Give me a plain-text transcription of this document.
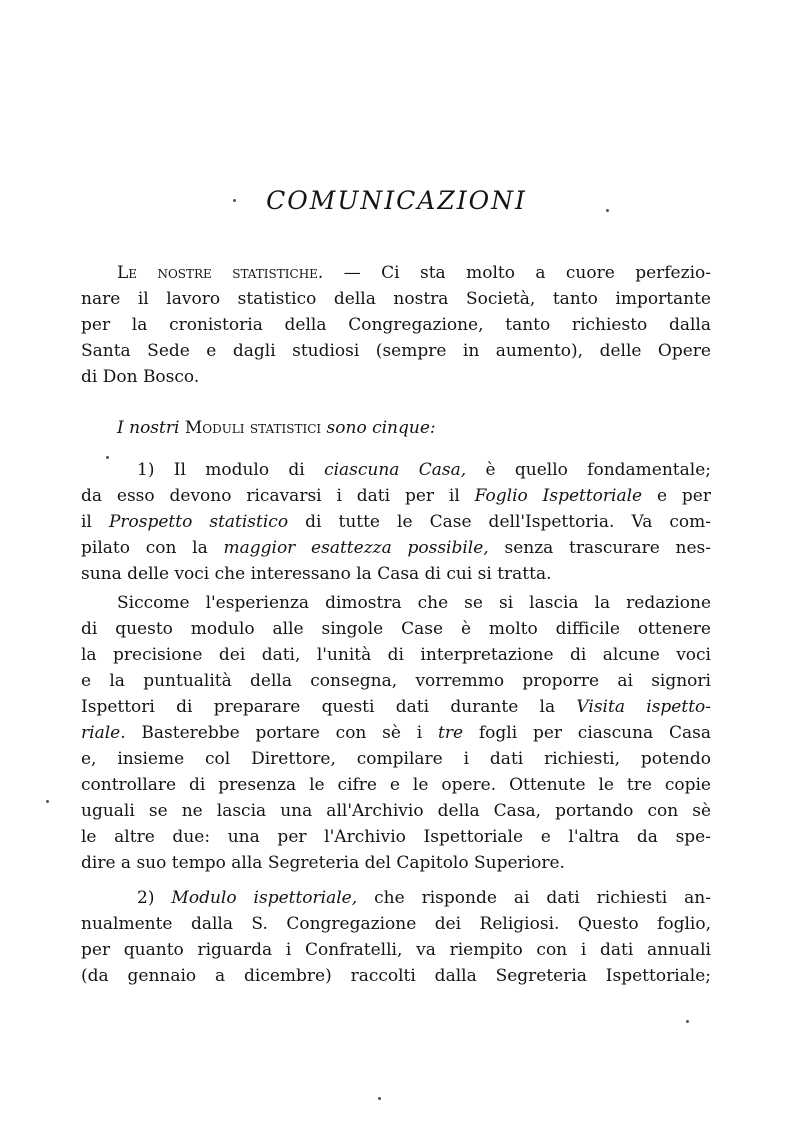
COMUNICAZIONI
Le nostre statistiche. — Ci sta molto a cuore perfezio-
nare il lavoro statistico della nostra Società, tanto importante
per la cronistoria della Congregazione, tanto richiesto dalla
Santa Sede e dagli studiosi (sempre in aumento), delle Opere
di Don Bosco.
I nostri Moduli statistici sono cinque:
1) Il modulo di ciascuna Casa, è quello fondamentale;
da esso devono ricavarsi i dati per il Foglio Ispettoriale e per
il Prospetto statistico di tutte le Case dell'Ispettoria. Va com-
pilato con la maggior esattezza possibile, senza trascurare nes-
suna delle voci che interessano la Casa di cui si tratta.
Siccome l'esperienza dimostra che se si lascia la redazione
di questo modulo alle singole Case è molto difficile ottenere
la precisione dei dati, l'unità di interpretazione di alcune voci
e la puntualità della consegna, vorremmo proporre ai signori
Ispettori di preparare questi dati durante la Visita ispetto-
riale. Basterebbe portare con sè i tre fogli per ciascuna Casa
e, insieme col Direttore, compilare i dati richiesti, potendo
controllare di presenza le cifre e le opere. Ottenute le tre copie
uguali se ne lascia una all'Archivio della Casa, portando con sè
le altre due: una per l'Archivio Ispettoriale e l'altra da spe-
dire a suo tempo alla Segreteria del Capitolo Superiore.
2) Modulo ispettoriale, che risponde ai dati richiesti an-
nualmente dalla S. Congregazione dei Religiosi. Questo foglio,
per quanto riguarda i Confratelli, va riempito con i dati annuali
(da gennaio a dicembre) raccolti dalla Segreteria Ispettoriale;
